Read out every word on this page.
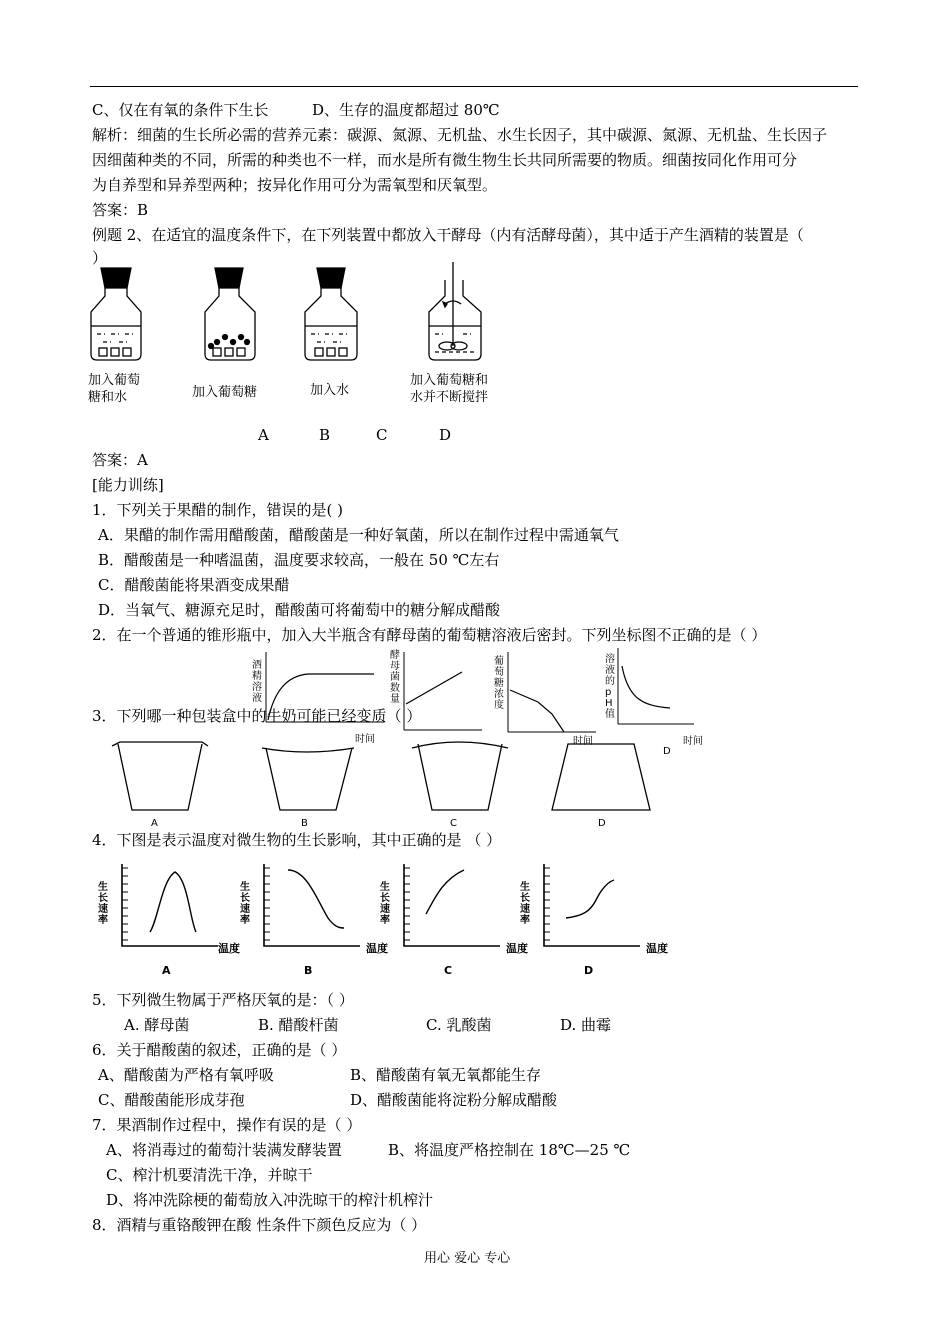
C、仅在有氧的条件下生长	D、生存的温度都超过 80℃
解析：细菌的生长所必需的营养元素：碳源、氮源、无机盐、水生长因子，其中碳源、氮源、无机盐、生长因子
因细菌种类的不同，所需的种类也不一样，而水是所有微生物生长共同所需要的物质。细菌按同化作用可分
为自养型和异养型两种；按异化作用可分为需氧型和厌氧型。
答案：B
例题 2、在适宜的温度条件下，在下列装置中都放入干酵母（内有活酵母菌），其中适于产生酒精的装置是（
）
加入葡萄
糖和水	加入葡萄糖	加入水
加入葡萄糖和
水并不断搅拌
A	B	C	D
答案：A
[能力训练]
1．下列关于果醋的制作，错误的是( )
A．果醋的制作需用醋酸菌，醋酸菌是一种好氧菌，所以在制作过程中需通氧气
B．醋酸菌是一种嗜温菌，温度要求较高，一般在 50 ℃左右
C．醋酸菌能将果酒变成果醋
D．当氧气、糖源充足时，醋酸菌可将葡萄中的糖分解成醋酸
2．在一个普通的锥形瓶中，加入大半瓶含有酵母菌的葡萄糖溶液后密封。下列坐标图不正确的是（ ）
酒精溶液
酵母菌数量
葡萄糖浓度
溶液的pH值
时间	时间	时间
D
3．下列哪一种包装盒中的牛奶可能已经变质（ ）
A	B	C	D
4．下图是表示温度对微生物的生长影响，其中正确的是 （ ）
生长速率
温度
A
生长速率
温度
B
生长速率
温度
C
生长速率
温度
D
5．下列微生物属于严格厌氧的是：（ ）
A. 酵母菌	B. 醋酸杆菌	C. 乳酸菌	D. 曲霉
6．关于醋酸菌的叙述，正确的是（ ）
A、醋酸菌为严格有氧呼吸	B、醋酸菌有氧无氧都能生存
C、醋酸菌能形成芽孢	D、醋酸菌能将淀粉分解成醋酸
7．果酒制作过程中，操作有误的是（ ）
A、将消毒过的葡萄汁装满发酵装置	B、将温度严格控制在 18℃—25 ℃
C、榨汁机要清洗干净，并晾干
D、将冲洗除梗的葡萄放入冲洗晾干的榨汁机榨汁
8．酒精与重铬酸钾在酸 性条件下颜色反应为（ ）
用心 爱心 专心
